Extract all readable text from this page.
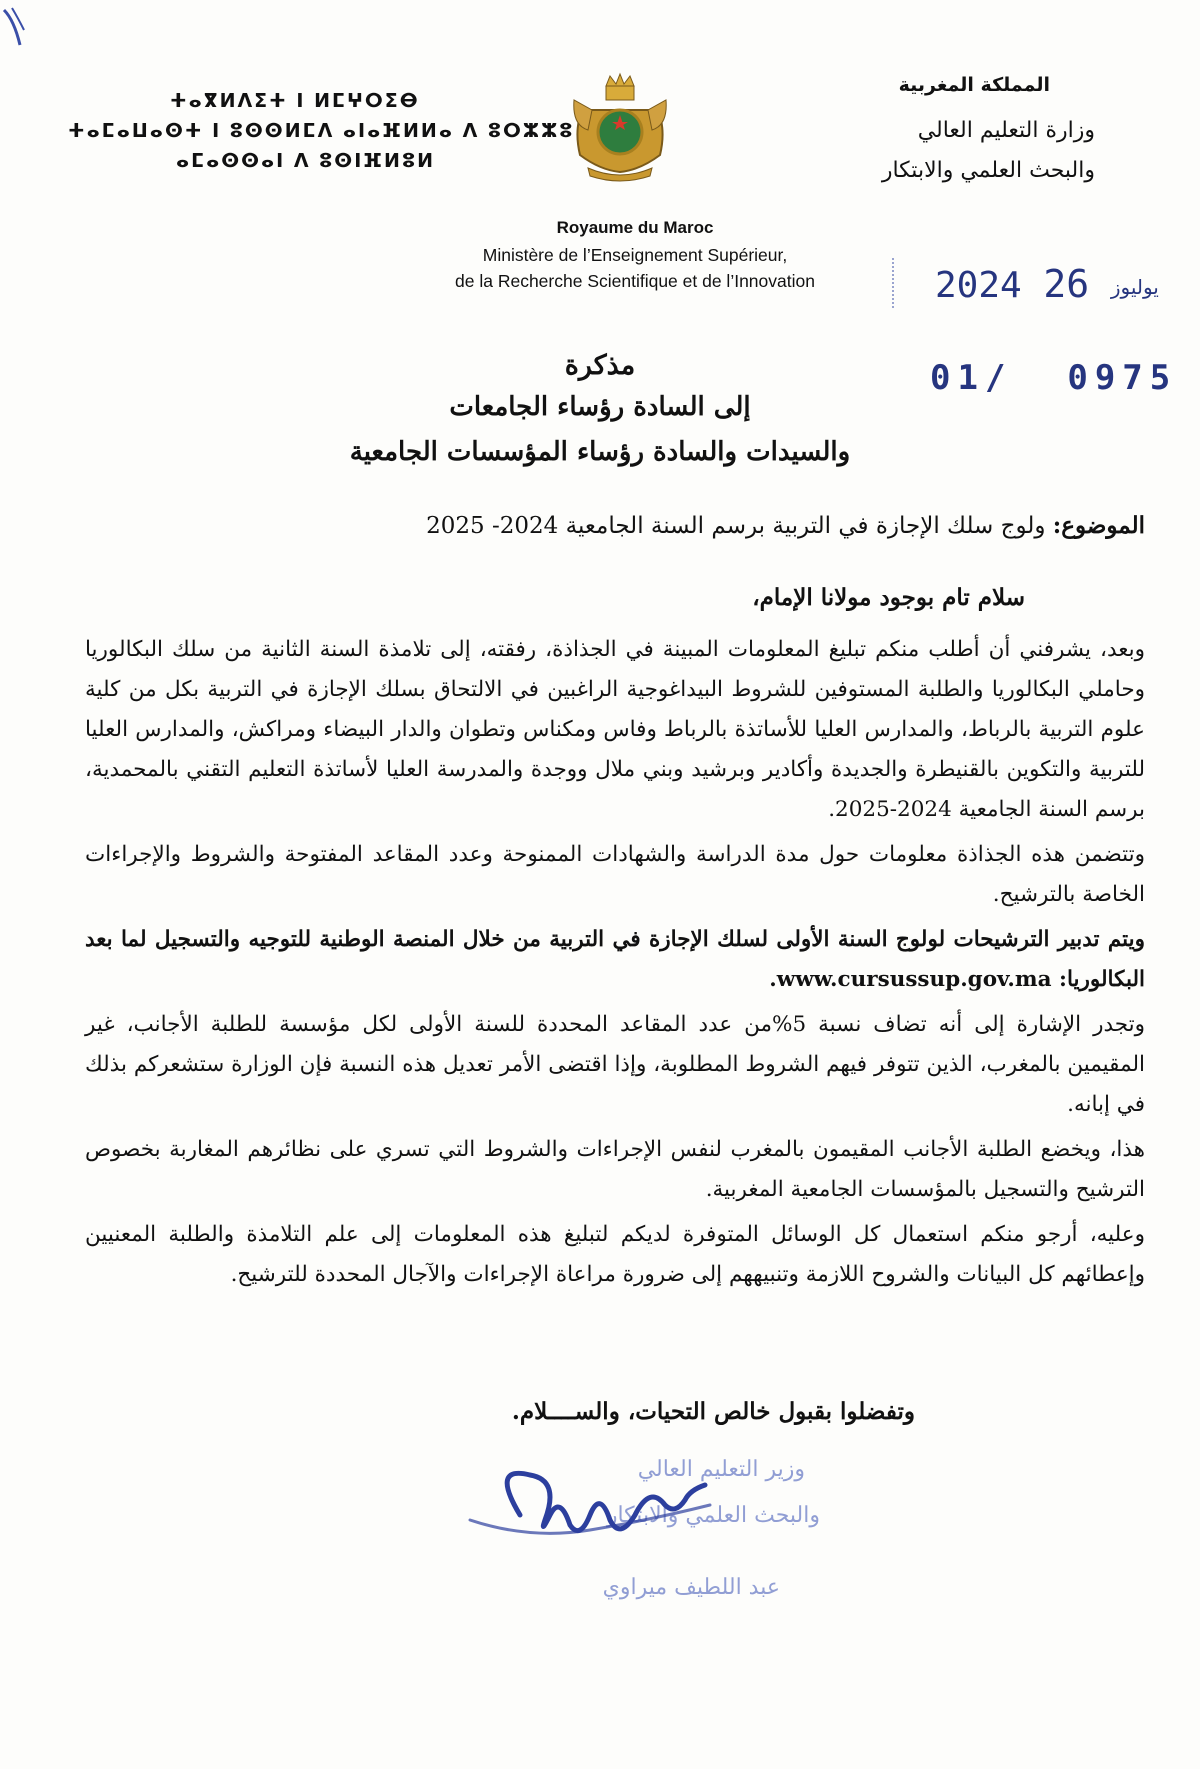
ⵜⴰⴳⵍⴷⵉⵜ ⵏ ⵍⵎⵖⵔⵉⴱ
ⵜⴰⵎⴰⵡⴰⵙⵜ ⵏ ⵓⵙⵙⵍⵎⴷ ⴰⵏⴰⴼⵍⵍⴰ ⴷ ⵓⵔⵣⵣⵓ
ⴰⵎⴰⵙⵙⴰⵏ ⴷ ⵓⵙⵏⴼⵍⵓⵍ
المملكة المغربية
وزارة التعليم العالي
والبحث العلمي والابتكار
Royaume du Maroc
Ministère de l’Enseignement Supérieur,
de la Recherche Scientifique et de l’Innovation	2024	يوليوز 26
01/  0975
مذكرة
إلى السادة رؤساء الجامعات
والسيدات والسادة رؤساء المؤسسات الجامعية
الموضوع: ولوج سلك الإجازة في التربية برسم السنة الجامعية 2024- 2025
سلام تام بوجود مولانا الإمام،

وبعد، يشرفني أن أطلب منكم تبليغ المعلومات المبينة في الجذاذة، رفقته، إلى تلامذة السنة الثانية من سلك البكالوريا وحاملي البكالوريا والطلبة المستوفين للشروط البيداغوجية الراغبين في الالتحاق بسلك الإجازة في التربية بكل من كلية علوم التربية بالرباط، والمدارس العليا للأساتذة بالرباط وفاس ومكناس وتطوان والدار البيضاء ومراكش، والمدارس العليا للتربية والتكوين بالقنيطرة والجديدة وأكادير وبرشيد وبني ملال ووجدة والمدرسة العليا لأساتذة التعليم التقني بالمحمدية، برسم السنة الجامعية 2024-2025.

وتتضمن هذه الجذاذة معلومات حول مدة الدراسة والشهادات الممنوحة وعدد المقاعد المفتوحة والشروط والإجراءات الخاصة بالترشيح.

ويتم تدبير الترشيحات لولوج السنة الأولى لسلك الإجازة في التربية من خلال المنصة الوطنية للتوجيه والتسجيل لما بعد البكالوريا: www.cursussup.gov.ma.

وتجدر الإشارة إلى أنه تضاف نسبة 5%من عدد المقاعد المحددة للسنة الأولى لكل مؤسسة للطلبة الأجانب، غير المقيمين بالمغرب، الذين تتوفر فيهم الشروط المطلوبة، وإذا اقتضى الأمر تعديل هذه النسبة فإن الوزارة ستشعركم بذلك في إبانه.

هذا، ويخضع الطلبة الأجانب المقيمون بالمغرب لنفس الإجراءات والشروط التي تسري على نظائرهم المغاربة بخصوص الترشيح والتسجيل بالمؤسسات الجامعية المغربية.

وعليه، أرجو منكم استعمال كل الوسائل المتوفرة لديكم لتبليغ هذه المعلومات إلى علم التلامذة والطلبة المعنيين وإعطائهم كل البيانات والشروح اللازمة وتنبيههم إلى ضرورة مراعاة الإجراءات والآجال المحددة للترشيح.

وتفضلوا بقبول خالص التحيات، والســــلام.
وزير التعليم العالي
والبحث العلمي والابتكار
عبد اللطيف ميراوي
